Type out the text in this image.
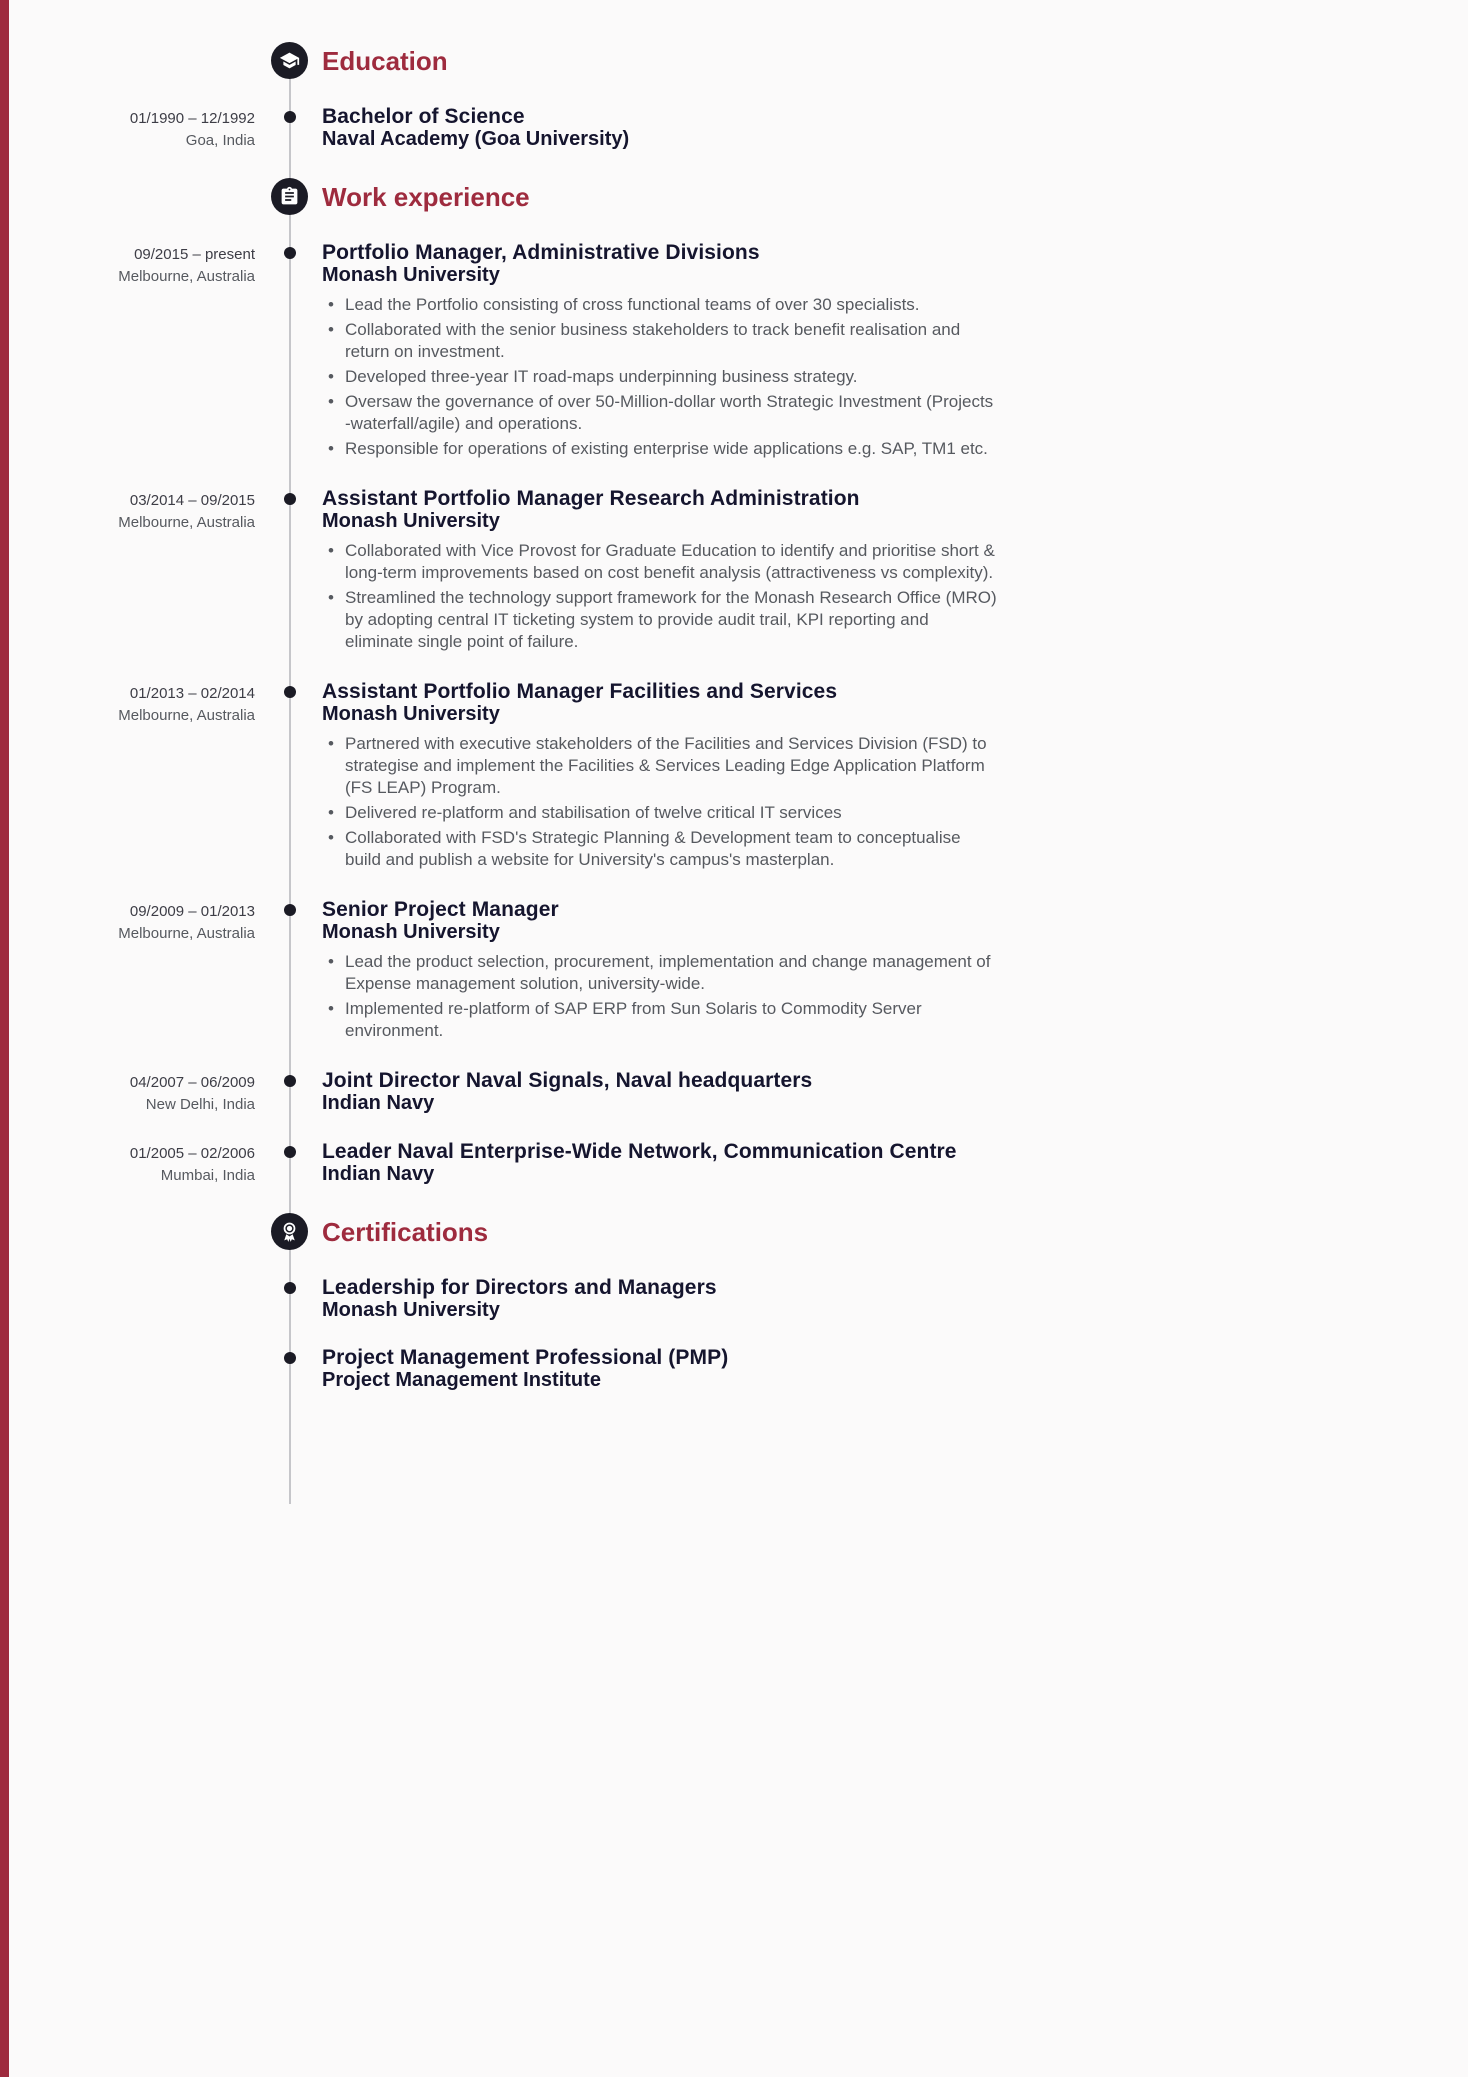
Education
01/1990 – 12/1992
Goa, India
Bachelor of Science
Naval Academy (Goa University)
Work experience
09/2015 – present
Melbourne, Australia
Portfolio Manager, Administrative Divisions
Monash University
• Lead the Portfolio consisting of cross functional teams of over 30 specialists.
• Collaborated with the senior business stakeholders to track benefit realisation and return on investment.
• Developed three-year IT road-maps underpinning business strategy.
• Oversaw the governance of over 50-Million-dollar worth Strategic Investment (Projects -waterfall/agile) and operations.
• Responsible for operations of existing enterprise wide applications e.g. SAP, TM1 etc.
03/2014 – 09/2015
Melbourne, Australia
Assistant Portfolio Manager Research Administration
Monash University
• Collaborated with Vice Provost for Graduate Education to identify and prioritise short & long-term improvements based on cost benefit analysis (attractiveness vs complexity).
• Streamlined the technology support framework for the Monash Research Office (MRO) by adopting central IT ticketing system to provide audit trail, KPI reporting and eliminate single point of failure.
01/2013 – 02/2014
Melbourne, Australia
Assistant Portfolio Manager Facilities and Services
Monash University
• Partnered with executive stakeholders of the Facilities and Services Division (FSD) to strategise and implement the Facilities & Services Leading Edge Application Platform (FS LEAP) Program.
• Delivered re-platform and stabilisation of twelve critical IT services
• Collaborated with FSD's Strategic Planning & Development team to conceptualise build and publish a website for University's campus's masterplan.
09/2009 – 01/2013
Melbourne, Australia
Senior Project Manager
Monash University
• Lead the product selection, procurement, implementation and change management of Expense management solution, university-wide.
• Implemented re-platform of SAP ERP from Sun Solaris to Commodity Server environment.
04/2007 – 06/2009
New Delhi, India
Joint Director Naval Signals, Naval headquarters
Indian Navy
01/2005 – 02/2006
Mumbai, India
Leader Naval Enterprise-Wide Network, Communication Centre
Indian Navy
Certifications
Leadership for Directors and Managers
Monash University
Project Management Professional (PMP)
Project Management Institute
